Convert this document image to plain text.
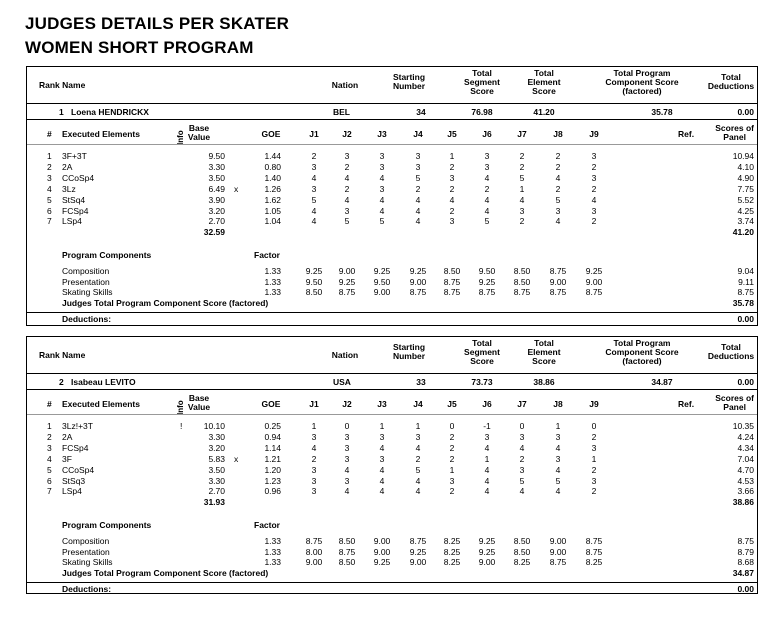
JUDGES DETAILS PER SKATER
WOMEN SHORT PROGRAM
Rank Name	Nation
Starting
Number
Total
Segment
Score
Total
Element
Score
Total Program
Component Score
(factored)
Total
Deductions
1 Loena HENDRICKX	BEL	34	76.98	41.20	35.78	0.00
# Executed Elements	Info
Base
Value	GOE	J1	J2	J3	J4	J5	J6	J7	J8	J9	Ref.
Scores of
Panel
1 3F+3T	9.50	1.44	2	3	3	3	1	3	2	2	3	10.94
2 2A	3.30	0.80	3	2	3	3	2	3	2	2	2	4.10
3 CCoSp4	3.50	1.40	4	4	4	5	3	4	5	4	3	4.90
4 3Lz	6.49 x	1.26	3	2	3	2	2	2	1	2	2	7.75
5 StSq4	3.90	1.62	5	4	4	4	4	4	4	5	4	5.52
6 FCSp4	3.20	1.05	4	3	4	4	2	4	3	3	3	4.25
7 LSp4	2.70	1.04	4	5	5	4	3	5	2	4	2	3.74
32.59	41.20
Program Components	Factor
Composition	1.33	9.25 9.00 9.25 9.25 8.50 9.50 8.50 8.75 9.25	9.04
Presentation	1.33	9.50 9.25 9.50 9.00 8.75 9.25 8.50 9.00 9.00	9.11
Skating Skills	1.33	8.50 8.75 9.00 8.75 8.75 8.75 8.75 8.75 8.75	8.75
Judges Total Program Component Score (factored)	35.78
Deductions:	0.00
Rank Name	Nation
Starting
Number
Total
Segment
Score
Total
Element
Score
Total Program
Component Score
(factored)
Total
Deductions
2 Isabeau LEVITO	USA	33	73.73	38.86	34.87	0.00
# Executed Elements	Info
Base
Value	GOE	J1	J2	J3	J4	J5	J6	J7	J8	J9	Ref.
Scores of
Panel
1 3Lz!+3T	!	10.10	0.25	1	0	1	1	0	-1	0	1	0	10.35
2 2A	3.30	0.94	3	3	3	3	2	3	3	3	2	4.24
3 FCSp4	3.20	1.14	4	3	4	4	2	4	4	4	3	4.34
4 3F	5.83 x	1.21	2	3	3	2	2	1	2	3	1	7.04
5 CCoSp4	3.50	1.20	3	4	4	5	1	4	3	4	2	4.70
6 StSq3	3.30	1.23	3	3	4	4	3	4	5	5	3	4.53
7 LSp4	2.70	0.96	3	4	4	4	2	4	4	4	2	3.66
31.93	38.86
Program Components	Factor
Composition	1.33	8.75 8.50 9.00 8.75 8.25 9.25 8.50 9.00 8.75	8.75
Presentation	1.33	8.00 8.75 9.00 9.25 8.25 9.25 8.50 9.00 8.75	8.79
Skating Skills	1.33	9.00 8.50 9.25 9.00 8.25 9.00 8.25 8.75 8.25	8.68
Judges Total Program Component Score (factored)	34.87
Deductions:	0.00
